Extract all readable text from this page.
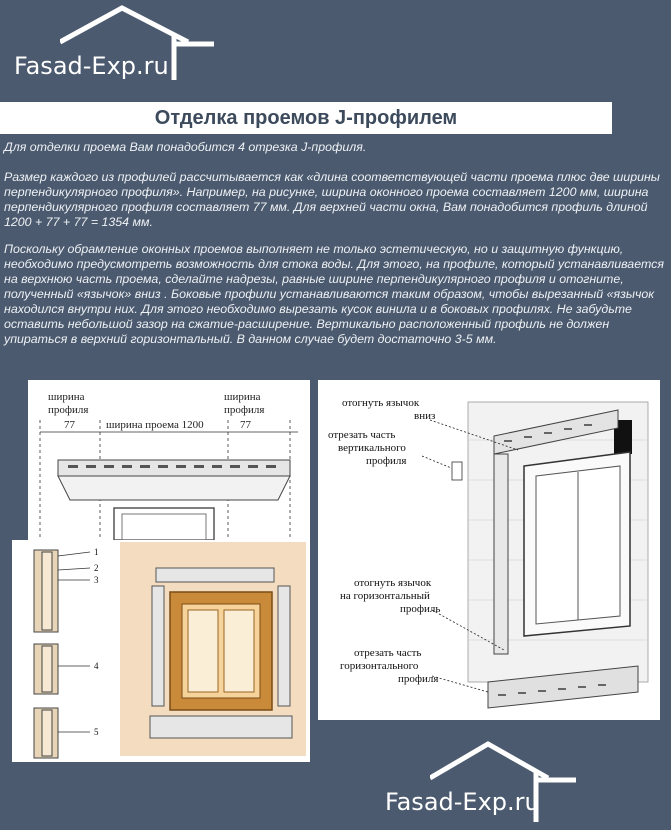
Fasad-Exp.ru
Отделка проемов J-профилем
Для отделки проема Вам понадобится 4 отрезка J-профиля.
Размер каждого из профилей рассчитывается как «длина соответствующей части проема плюс две ширины перпендикулярного профиля». Например, на рисунке, ширина оконного проема составляет 1200 мм, ширина перпендикулярного профиля составляет 77 мм. Для верхней части окна, Вам понадобится профиль длиной 1200 + 77 + 77 = 1354 мм.
Поскольку обрамление оконных проемов выполняет не только эстетическую, но и защитную функцию, необходимо предусмотреть возможность для стока воды. Для этого, на профиле, который устанавливается на верхнюю часть проема, сделайте надрезы, равные ширине перпендикулярного профиля и отогните, полученный «язычок» вниз . Боковые профили устанавливаются таким образом, чтобы вырезанный «язычок находился внутри них. Для этого необходимо вырезать кусок винила и в боковых профилях. Не забудьте оставить небольшой зазор на сжатие-расширение. Вертикально расположенный профиль не должен упираться в верхний горизонтальный. В данном случае будет достаточно 3-5 мм.
ширина
профиля
77	ширина проема 1200
ширина
профиля
77
отогнуть язычок
вниз
отрезать часть
вертикального
профиля
отогнуть язычок
на горизонтальный
профиль
отрезать часть
горизонтального
профиля
1
2
3
4
5
Fasad-Exp.ru
